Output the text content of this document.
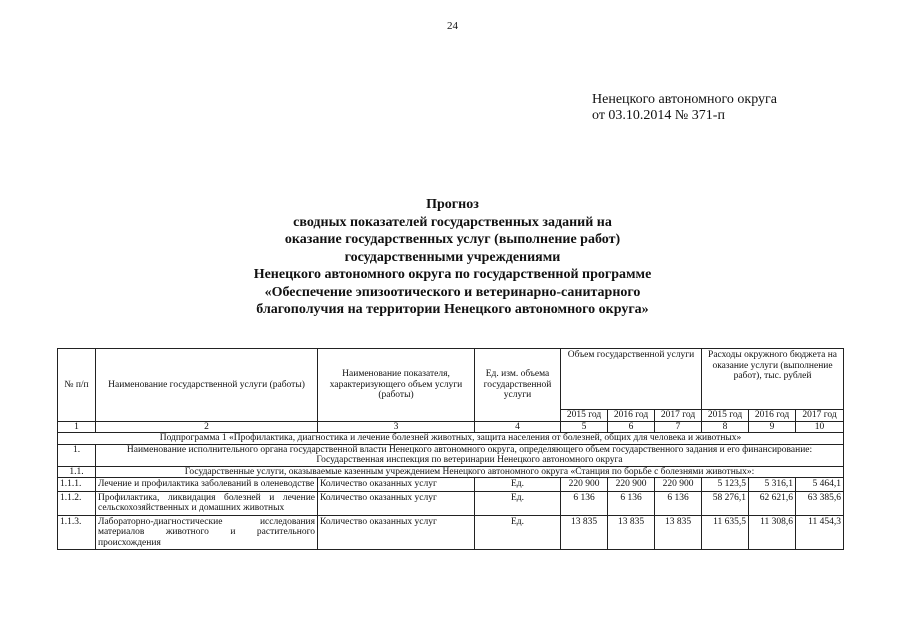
24
Ненецкого автономного округа
от 03.10.2014 № 371-п
Прогноз
сводных показателей государственных заданий на
оказание государственных услуг (выполнение работ)
государственными учреждениями
Ненецкого автономного округа по государственной программе
«Обеспечение эпизоотического и ветеринарно-санитарного
благополучия на территории Ненецкого автономного округа»
№ п/п	Наименование государственной услуги (работы)	Наименование показателя, характеризующего объем услуги (работы)	Ед. изм. объема государственной услуги	Объем государственной услуги			Расходы окружного бюджета на оказание услуги (выполнение работ), тыс. рублей		
				2015 год	2016 год	2017 год	2015 год	2016 год	2017 год
1	2	3	4	5	6	7	8	9	10
Подпрограмма 1 «Профилактика, диагностика и лечение болезней животных, защита населения от болезней, общих для человека и животных»									
1.	Наименование исполнительного органа государственной власти Ненецкого автономного округа, определяющего объем государственного задания и его финансирование: Государственная инспекция по ветеринарии Ненецкого автономного округа								
1.1.	Государственные услуги, оказываемые казенным учреждением Ненецкого автономного округа «Станция по борьбе с болезнями животных»:								
1.1.1.	Лечение и профилактика заболеваний в оленеводстве	Количество оказанных услуг	Ед.	220 900	220 900	220 900	5 123,5	5 316,1	5 464,1
1.1.2.	Профилактика, ликвидация болезней и лечение сельскохозяйственных и домашних животных	Количество оказанных услуг	Ед.	6 136	6 136	6 136	58 276,1	62 621,6	63 385,6
1.1.3.	Лабораторно-диагностические исследования материалов животного и растительного происхождения	Количество оказанных услуг	Ед.	13 835	13 835	13 835	11 635,5	11 308,6	11 454,3
